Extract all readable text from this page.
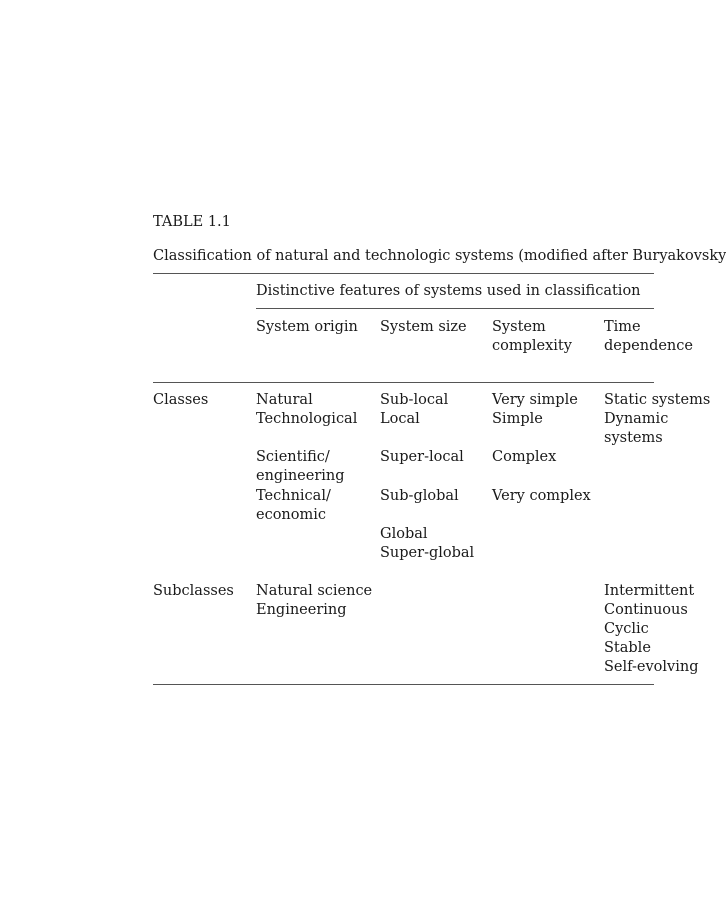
TABLE 1.1

Classification of natural and technologic systems (modified after Buryakovsky

Distinctive features of systems used in classification

System origin System size System

complexity

Time

dependence

Classes	Natural

Technological

Scientific/

engineering

Technical/

economic

Sub-local

Local

Super-local

Sub-global

Global

Super-global

Very simple

Simple

Complex

Very complex

Static systems

Dynamic

systems

Subclasses Natural science

Engineering

Intermittent

Continuous

Cyclic

Stable

Self-evolving
